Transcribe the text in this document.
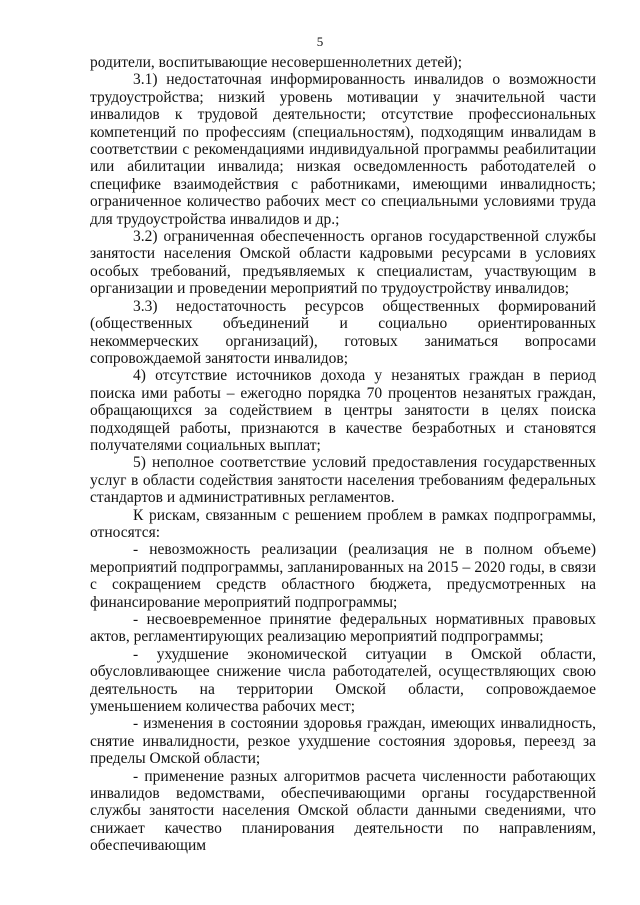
5

родители, воспитывающие несовершеннолетних детей);

3.1) недостаточная информированность инвалидов о возможности трудоустройства; низкий уровень мотивации у значительной части инвалидов к трудовой деятельности; отсутствие профессиональных компетенций по профессиям (специальностям), подходящим инвалидам в соответствии с рекомендациями индивидуальной программы реабилитации или абилитации инвалида; низкая осведомленность работодателей о специфике взаимодействия с работниками, имеющими инвалидность; ограниченное количество рабочих мест со специальными условиями труда для трудоустройства инвалидов и др.;

3.2) ограниченная обеспеченность органов государственной службы занятости населения Омской области кадровыми ресурсами в условиях особых требований, предъявляемых к специалистам, участвующим в организации и проведении мероприятий по трудоустройству инвалидов;

3.3) недостаточность ресурсов общественных формирований (общественных объединений и социально ориентированных некоммерческих организаций), готовых заниматься вопросами сопровождаемой занятости инвалидов;

4) отсутствие источников дохода у незанятых граждан в период поиска ими работы – ежегодно порядка 70 процентов незанятых граждан, обращающихся за содействием в центры занятости в целях поиска подходящей работы, признаются в качестве безработных и становятся получателями социальных выплат;

5) неполное соответствие условий предоставления государственных услуг в области содействия занятости населения требованиям федеральных стандартов и административных регламентов.

К рискам, связанным с решением проблем в рамках подпрограммы, относятся:

- невозможность реализации (реализация не в полном объеме) мероприятий подпрограммы, запланированных на 2015 – 2020 годы, в связи с сокращением средств областного бюджета, предусмотренных на финансирование мероприятий подпрограммы;

- несвоевременное принятие федеральных нормативных правовых актов, регламентирующих реализацию мероприятий подпрограммы;

- ухудшение экономической ситуации в Омской области, обусловливающее снижение числа работодателей, осуществляющих свою деятельность на территории Омской области, сопровождаемое уменьшением количества рабочих мест;

- изменения в состоянии здоровья граждан, имеющих инвалидность, снятие инвалидности, резкое ухудшение состояния здоровья, переезд за пределы Омской области;

- применение разных алгоритмов расчета численности работающих инвалидов ведомствами, обеспечивающими органы государственной службы занятости населения Омской области данными сведениями, что снижает качество планирования деятельности по направлениям, обеспечивающим
